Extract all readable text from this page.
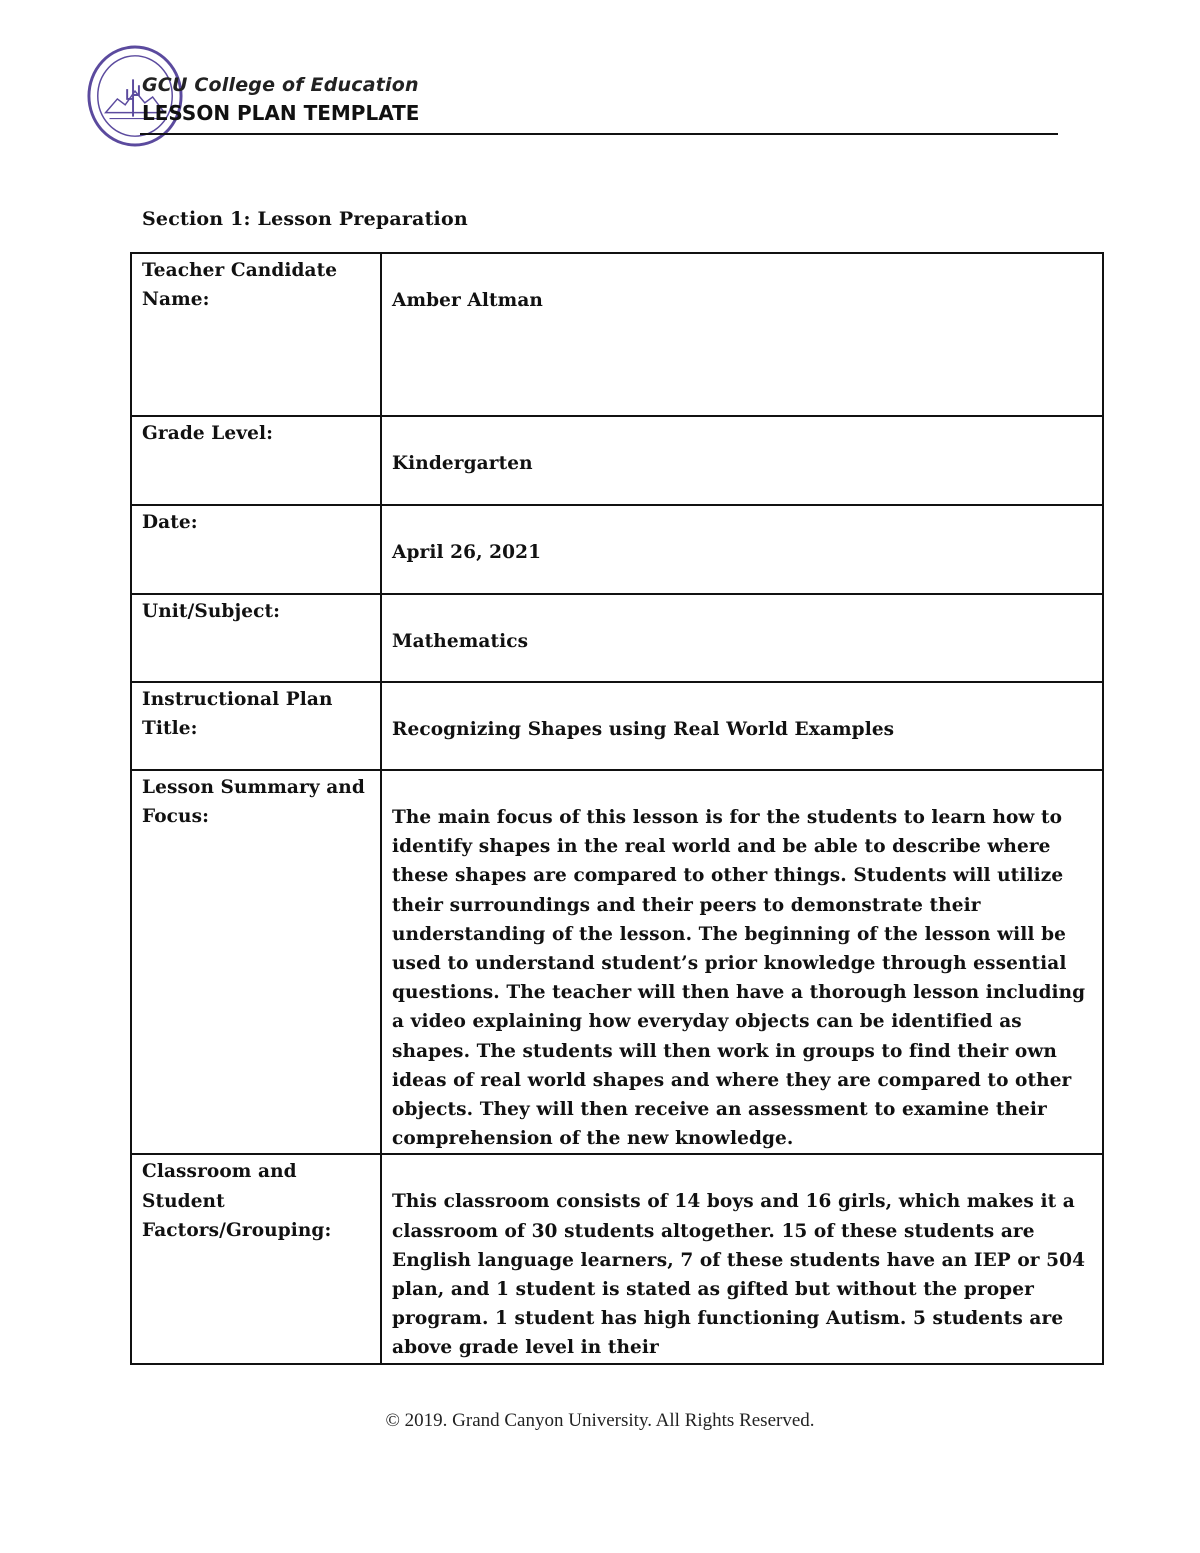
GCU College of Education
LESSON PLAN TEMPLATE
Section 1: Lesson Preparation
Teacher Candidate Name:	Amber Altman

Grade Level:	Kindergarten

Date:	April 26, 2021

Unit/Subject:	Mathematics

Instructional Plan Title:	Recognizing Shapes using Real World Examples

Lesson Summary and Focus:	The main focus of this lesson is for the students to learn how to identify shapes in the real world and be able to describe where these shapes are compared to other things. Students will utilize their surroundings and their peers to demonstrate their understanding of the lesson. The beginning of the lesson will be used to understand student’s prior knowledge through essential questions. The teacher will then have a thorough lesson including a video explaining how everyday objects can be identified as shapes. The students will then work in groups to find their own ideas of real world shapes and where they are compared to other objects. They will then receive an assessment to examine their comprehension of the new knowledge.

Classroom and Student Factors/Grouping:	This classroom consists of 14 boys and 16 girls, which makes it a classroom of 30 students altogether. 15 of these students are English language learners, 7 of these students have an IEP or 504 plan, and 1 student is stated as gifted but without the proper program. 1 student has high functioning Autism. 5 students are above grade level in their
© 2019. Grand Canyon University. All Rights Reserved.
